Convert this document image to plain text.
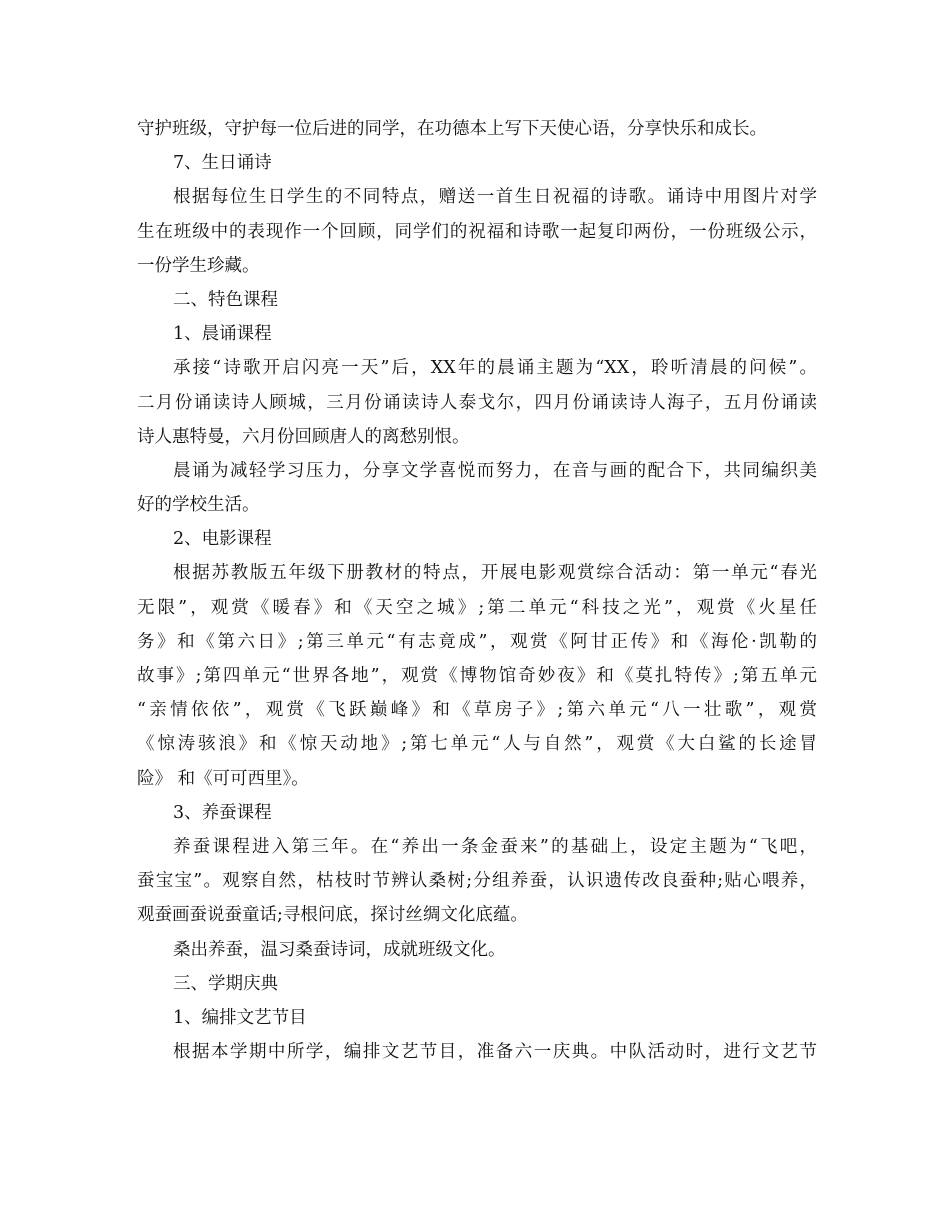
守护班级，守护每一位后进的同学，在功德本上写下天使心语，分享快乐和成长。
7、生日诵诗
根据每位生日学生的不同特点，赠送一首生日祝福的诗歌。诵诗中用图片对学
生在班级中的表现作一个回顾，同学们的祝福和诗歌一起复印两份，一份班级公示，
一份学生珍藏。
二、特色课程
1、晨诵课程
承接“诗歌开启闪亮一天”后，XX年的晨诵主题为“XX，聆听清晨的问候”。
二月份诵读诗人顾城，三月份诵读诗人泰戈尔，四月份诵读诗人海子，五月份诵读
诗人惠特曼，六月份回顾唐人的离愁别恨。
晨诵为减轻学习压力，分享文学喜悦而努力，在音与画的配合下，共同编织美
好的学校生活。
2、电影课程
根据苏教版五年级下册教材的特点，开展电影观赏综合活动：第一单元“春光
无限”，观赏《暖春》和《天空之城》;第二单元“科技之光”，观赏《火星任
务》和《第六日》;第三单元“有志竟成”，观赏《阿甘正传》和《海伦·凯勒的
故事》;第四单元“世界各地”，观赏《博物馆奇妙夜》和《莫扎特传》;第五单元
“亲情依依”，观赏《飞跃巅峰》和《草房子》;第六单元“八一壮歌”，观赏
《惊涛骇浪》和《惊天动地》;第七单元“人与自然”，观赏《大白鲨的长途冒
险》 和《可可西里》。
3、养蚕课程
养蚕课程进入第三年。在“养出一条金蚕来”的基础上，设定主题为“飞吧，
蚕宝宝”。观察自然，枯枝时节辨认桑树;分组养蚕，认识遗传改良蚕种;贴心喂养，
观蚕画蚕说蚕童话;寻根问底，探讨丝绸文化底蕴。
桑出养蚕，温习桑蚕诗词，成就班级文化。
三、学期庆典
1、编排文艺节目
根据本学期中所学，编排文艺节目，准备六一庆典。中队活动时，进行文艺节
